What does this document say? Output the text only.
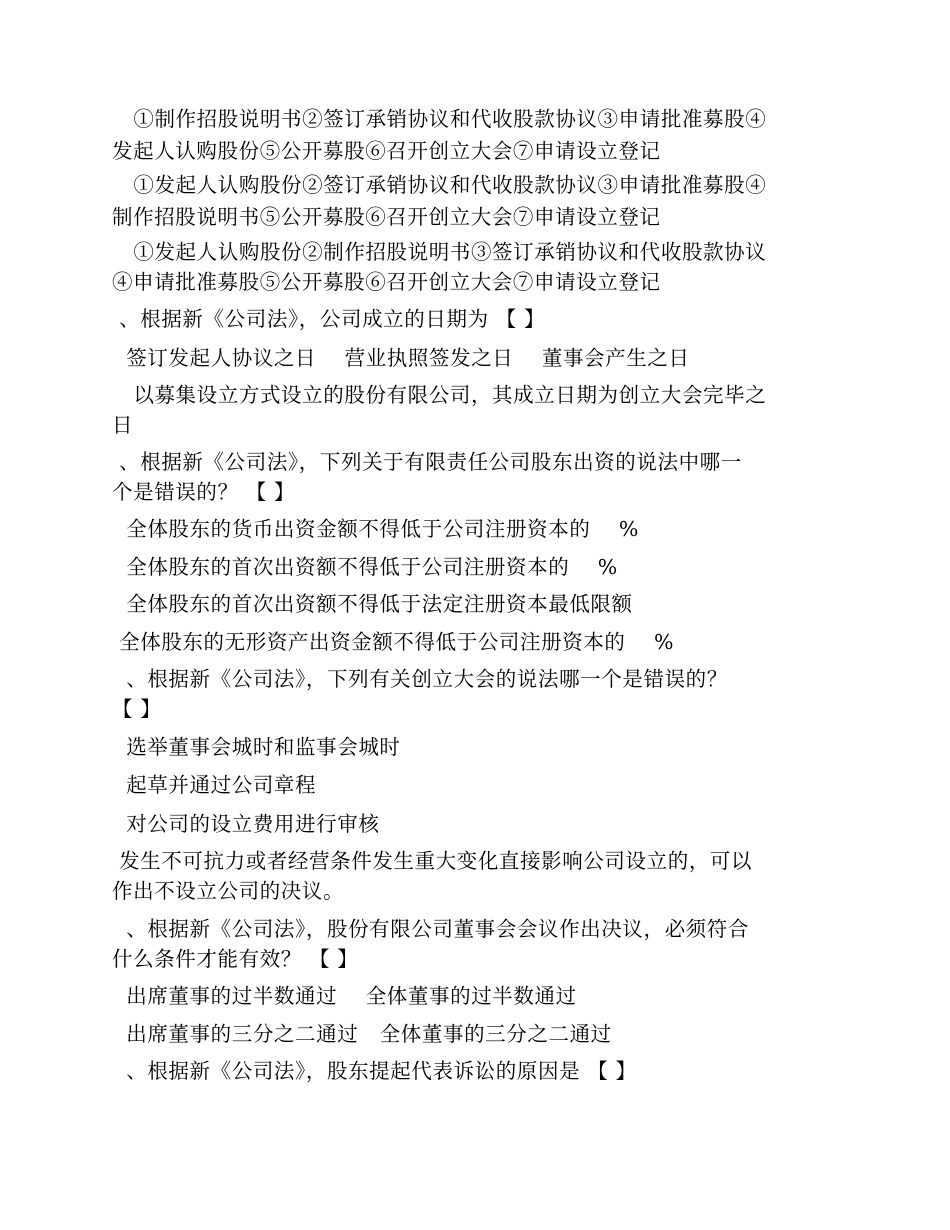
①制作招股说明书②签订承销协议和代收股款协议③申请批准募股④
发起人认购股份⑤公开募股⑥召开创立大会⑦申请设立登记
①发起人认购股份②签订承销协议和代收股款协议③申请批准募股④
制作招股说明书⑤公开募股⑥召开创立大会⑦申请设立登记
①发起人认购股份②制作招股说明书③签订承销协议和代收股款协议
④申请批准募股⑤公开募股⑥召开创立大会⑦申请设立登记
、根据新《公司法》，公司成立的日期为 【 】
签订发起人协议之日    营业执照签发之日    董事会产生之日
以募集设立方式设立的股份有限公司，其成立日期为创立大会完毕之
日
、根据新《公司法》，下列关于有限责任公司股东出资的说法中哪一
个是错误的？ 【 】
全体股东的货币出资金额不得低于公司注册资本的    %
全体股东的首次出资额不得低于公司注册资本的    %
全体股东的首次出资额不得低于法定注册资本最低限额
全体股东的无形资产出资金额不得低于公司注册资本的    %
、根据新《公司法》，下列有关创立大会的说法哪一个是错误的？
【 】
选举董事会城时和监事会城时
起草并通过公司章程
对公司的设立费用进行审核
发生不可抗力或者经营条件发生重大变化直接影响公司设立的，可以
作出不设立公司的决议。
、根据新《公司法》，股份有限公司董事会会议作出决议，必须符合
什么条件才能有效？ 【 】
出席董事的过半数通过    全体董事的过半数通过
出席董事的三分之二通过   全体董事的三分之二通过
、根据新《公司法》，股东提起代表诉讼的原因是 【 】
